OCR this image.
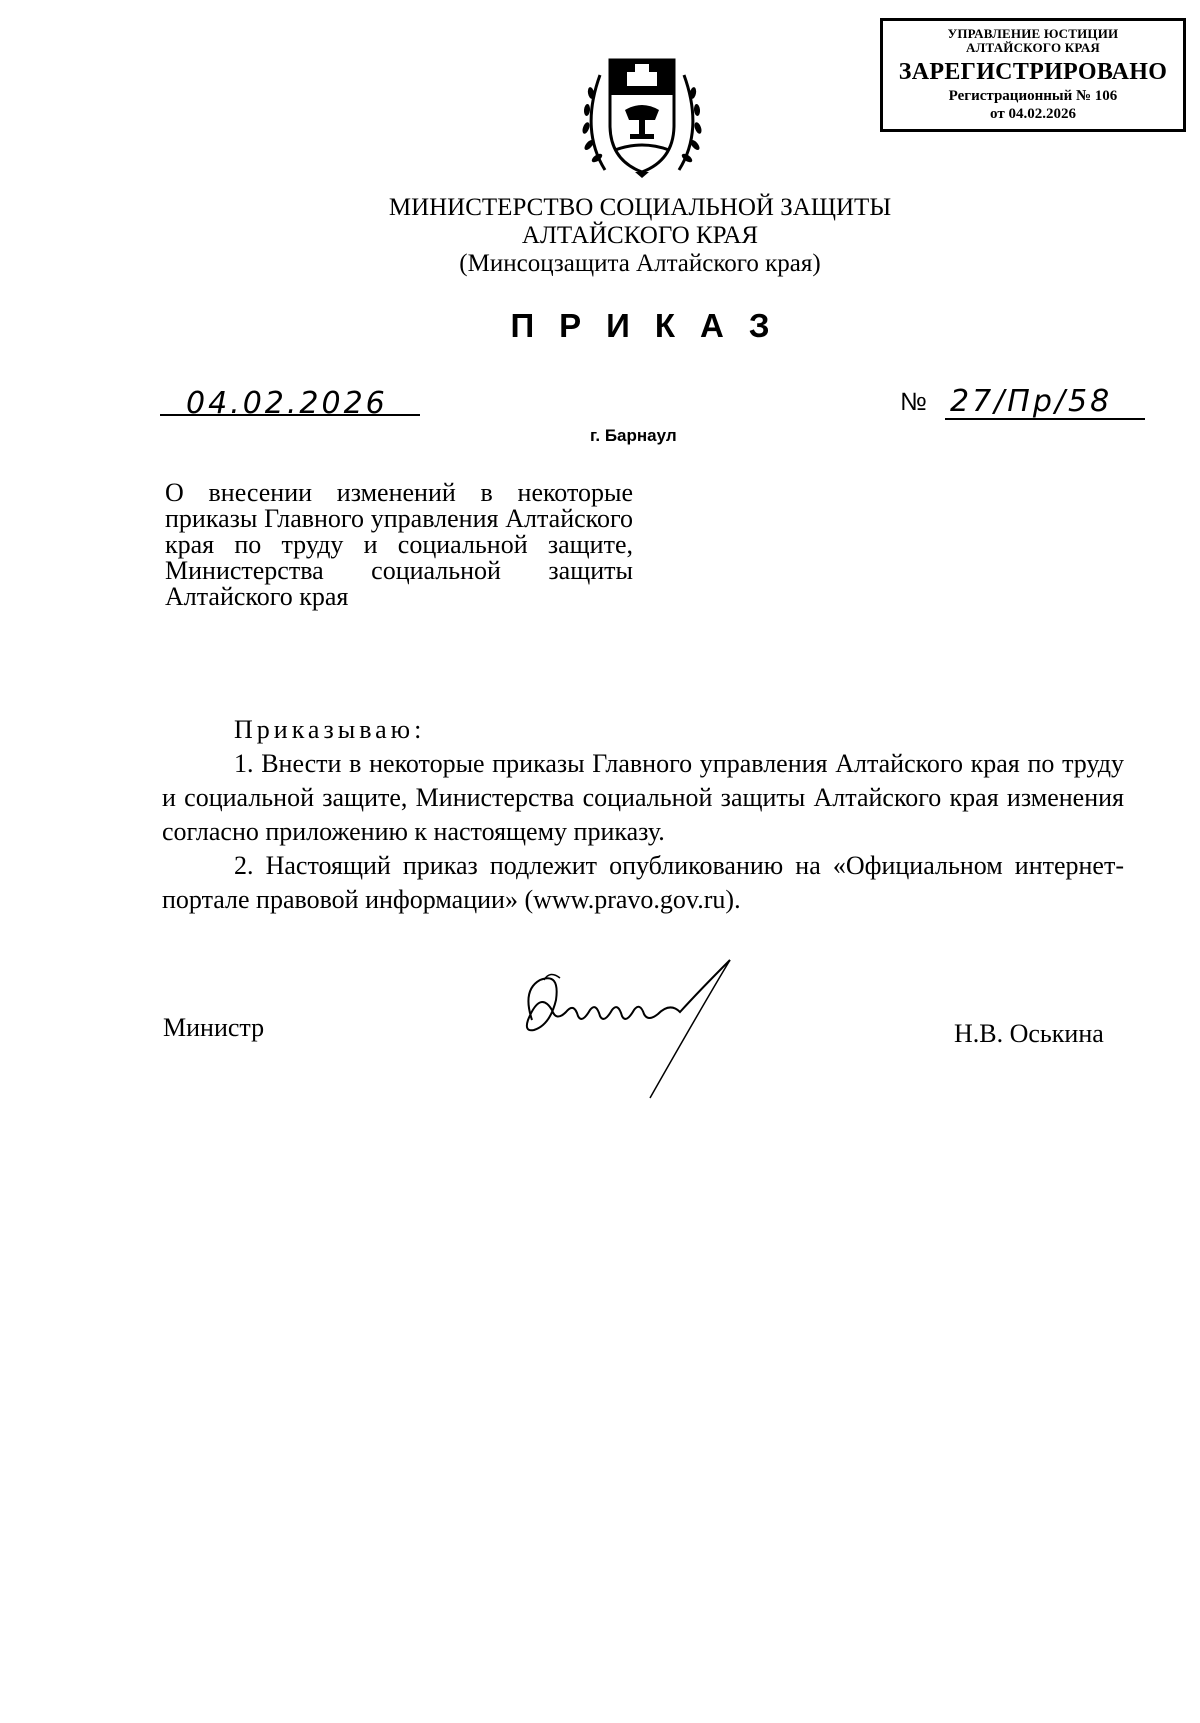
УПРАВЛЕНИЕ ЮСТИЦИИ
АЛТАЙСКОГО КРАЯ
ЗАРЕГИСТРИРОВАНО
Регистрационный № 106
от 04.02.2026
МИНИСТЕРСТВО СОЦИАЛЬНОЙ ЗАЩИТЫ
АЛТАЙСКОГО КРАЯ
(Минсоцзащита Алтайского края)
ПРИКАЗ
04.02.2026	№ 27/Пр/58
г. Барнаул
О внесении изменений в некоторые приказы Главного управления Алтайского края по труду и социальной защите, Министерства социальной защиты Алтайского края
Приказываю:

1. Внести в некоторые приказы Главного управления Алтайского края по труду и социальной защите, Министерства социальной защиты Алтайского края изменения согласно приложению к настоящему приказу.

2. Настоящий приказ подлежит опубликованию на «Официальном интернет-портале правовой информации» (www.pravo.gov.ru).

Министр	Н.В. Оськина
